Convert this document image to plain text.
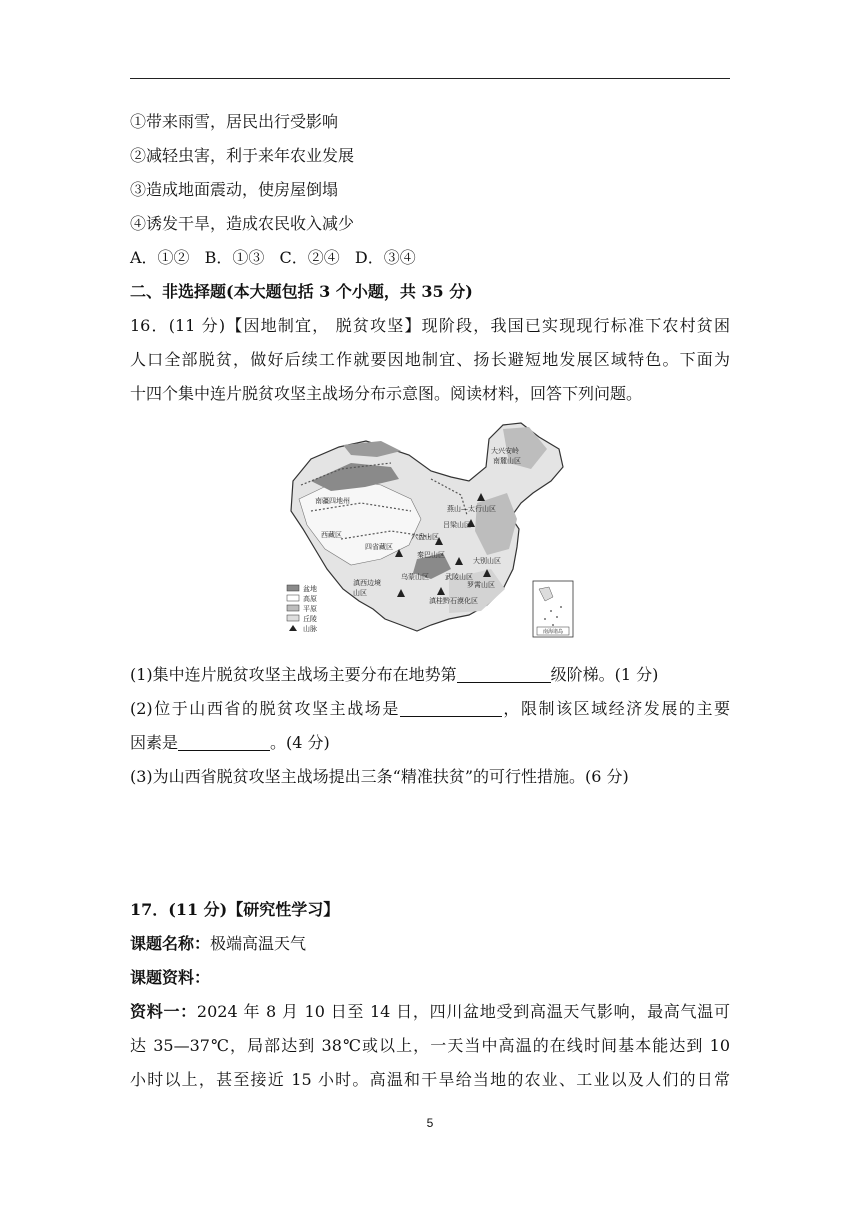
①带来雨雪，居民出行受影响
②减轻虫害，利于来年农业发展
③造成地面震动，使房屋倒塌
④诱发干旱，造成农民收入减少
A．①② B．①③ C．②④ D．③④
二、非选择题(本大题包括 3 个小题，共 35 分)
16．(11 分)【因地制宜， 脱贫攻坚】现阶段，我国已实现现行标准下农村贫困
人口全部脱贫，做好后续工作就要因地制宜、扬长避短地发展区域特色。下面为
十四个集中连片脱贫攻坚主战场分布示意图。阅读材料，回答下列问题。
大兴安岭
南麓山区
燕山—太行山区
吕梁山区
六盘山区
秦巴山区
大别山区
武陵山区
罗霄山区
乌蒙山区
滇桂黔石漠化区
滇西边境
山区
四省藏区
南疆四地州
西藏区
盆地
高原
平原
丘陵
山脉	南海诸岛
(1)集中连片脱贫攻坚主战场主要分布在地势第	级阶梯。(1 分)
(2)位于山西省的脱贫攻坚主战场是	，限制该区域经济发展的主要
因素是	。(4 分)
(3)为山西省脱贫攻坚主战场提出三条“精准扶贫”的可行性措施。(6 分)
17．(11 分)【研究性学习】
课题名称：极端高温天气
课题资料：
资料一：2024 年 8 月 10 日至 14 日，四川盆地受到高温天气影响，最高气温可
达 35—37℃，局部达到 38℃或以上，一天当中高温的在线时间基本能达到 10
小时以上，甚至接近 15 小时。高温和干旱给当地的农业、工业以及人们的日常
5
